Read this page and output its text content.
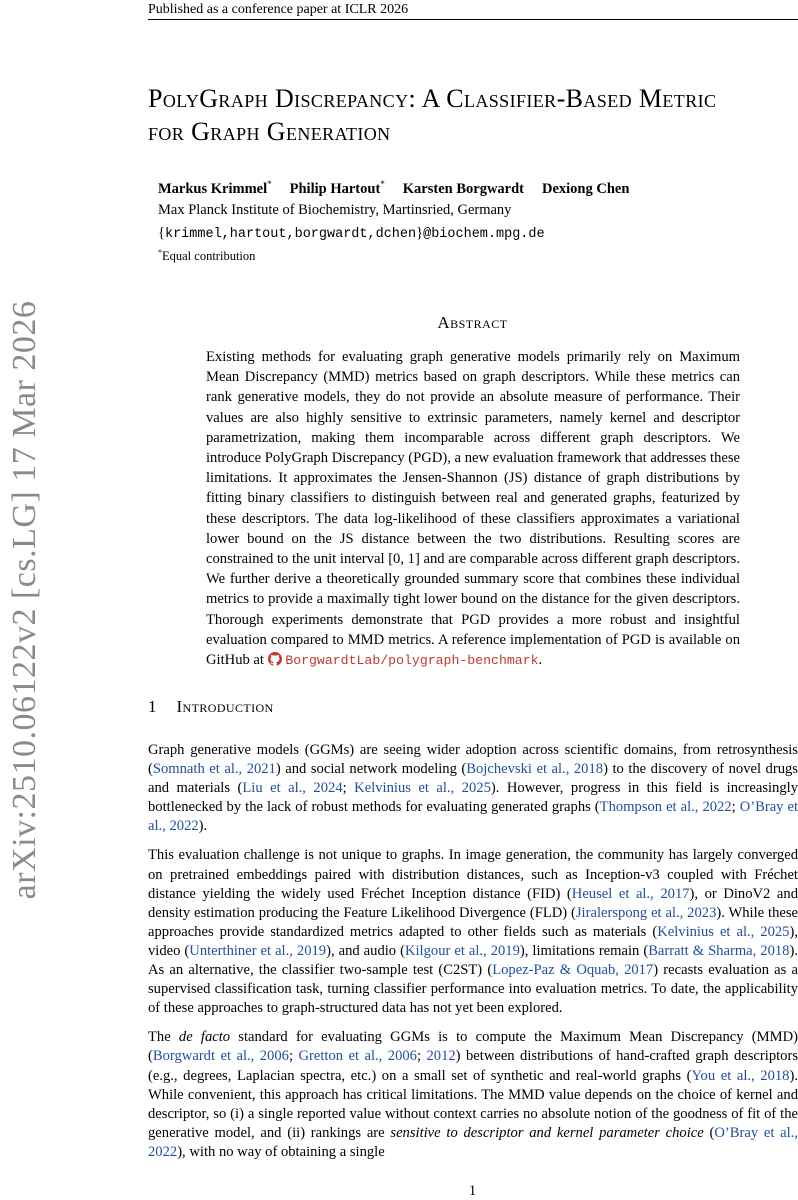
Published as a conference paper at ICLR 2026
arXiv:2510.06122v2 [cs.LG] 17 Mar 2026
PolyGraph Discrepancy: A Classifier-Based Metric
for Graph Generation
Markus Krimmel* Philip Hartout* Karsten Borgwardt Dexiong Chen
Max Planck Institute of Biochemistry, Martinsried, Germany
{krimmel,hartout,borgwardt,dchen}@biochem.mpg.de
*Equal contribution
Abstract

Existing methods for evaluating graph generative models primarily rely on Maximum Mean Discrepancy (MMD) metrics based on graph descriptors. While these metrics can rank generative models, they do not provide an absolute measure of performance. Their values are also highly sensitive to extrinsic parameters, namely kernel and descriptor parametrization, making them incomparable across different graph descriptors. We introduce PolyGraph Discrepancy (PGD), a new evaluation framework that addresses these limitations. It approximates the Jensen-Shannon (JS) distance of graph distributions by fitting binary classifiers to distinguish between real and generated graphs, featurized by these descriptors. The data log-likelihood of these classifiers approximates a variational lower bound on the JS distance between the two distributions. Resulting scores are constrained to the unit interval [0, 1] and are comparable across different graph descriptors. We further derive a theoretically grounded summary score that combines these individual metrics to provide a maximally tight lower bound on the distance for the given descriptors. Thorough experiments demonstrate that PGD provides a more robust and insightful evaluation compared to MMD metrics. A reference implementation of PGD is available on GitHub at BorgwardtLab/polygraph-benchmark.

1 Introduction

Graph generative models (GGMs) are seeing wider adoption across scientific domains, from retrosynthesis (Somnath et al., 2021) and social network modeling (Bojchevski et al., 2018) to the discovery of novel drugs and materials (Liu et al., 2024; Kelvinius et al., 2025). However, progress in this field is increasingly bottlenecked by the lack of robust methods for evaluating generated graphs (Thompson et al., 2022; O’Bray et al., 2022).

This evaluation challenge is not unique to graphs. In image generation, the community has largely converged on pretrained embeddings paired with distribution distances, such as Inception-v3 coupled with Fréchet distance yielding the widely used Fréchet Inception distance (FID) (Heusel et al., 2017), or DinoV2 and density estimation producing the Feature Likelihood Divergence (FLD) (Jiralerspong et al., 2023). While these approaches provide standardized metrics adapted to other fields such as materials (Kelvinius et al., 2025), video (Unterthiner et al., 2019), and audio (Kilgour et al., 2019), limitations remain (Barratt & Sharma, 2018). As an alternative, the classifier two-sample test (C2ST) (Lopez-Paz & Oquab, 2017) recasts evaluation as a supervised classification task, turning classifier performance into evaluation metrics. To date, the applicability of these approaches to graph-structured data has not yet been explored.

The de facto standard for evaluating GGMs is to compute the Maximum Mean Discrepancy (MMD) (Borgwardt et al., 2006; Gretton et al., 2006; 2012) between distributions of hand-crafted graph descriptors (e.g., degrees, Laplacian spectra, etc.) on a small set of synthetic and real-world graphs (You et al., 2018). While convenient, this approach has critical limitations. The MMD value depends on the choice of kernel and descriptor, so (i) a single reported value without context carries no absolute notion of the goodness of fit of the generative model, and (ii) rankings are sensitive to descriptor and kernel parameter choice (O’Bray et al., 2022), with no way of obtaining a single

1
